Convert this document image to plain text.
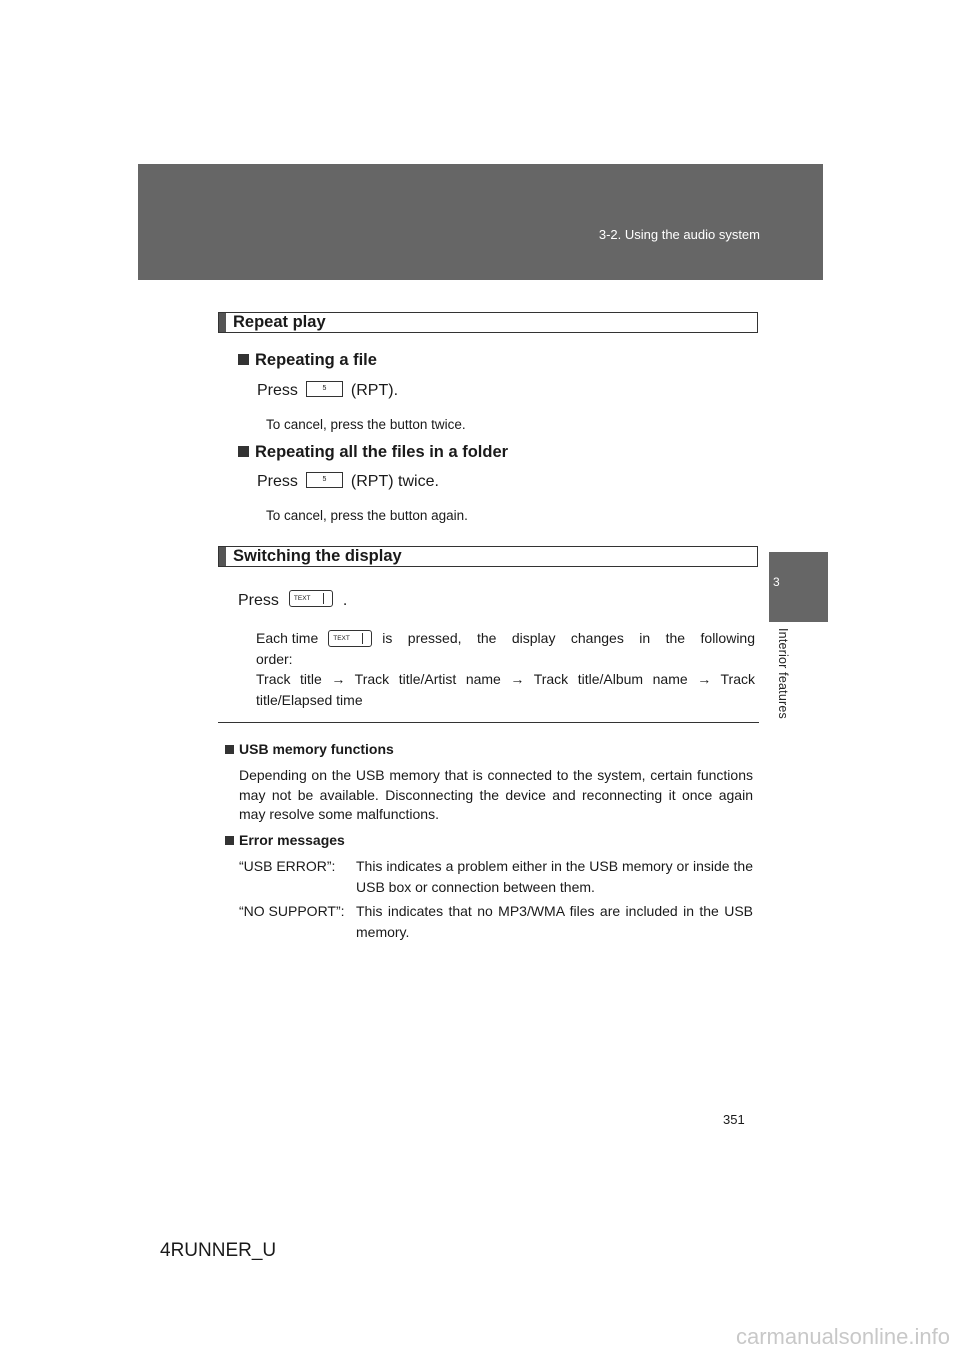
3-2. Using the audio system
3
Interior features
Repeat play
Repeating a file
Press	5	(RPT).
To cancel, press the button twice.
Repeating all the files in a folder
Press	5	(RPT) twice.
To cancel, press the button again.
Switching the display
Press TEXT .
Each time TEXT is pressed, the display changes in the following
order:
Track title → Track title/Artist name → Track title/Album name → Track
title/Elapsed time
USB memory functions
Depending on the USB memory that is connected to the system, certain functions may not be available. Disconnecting the device and reconnecting it once again may resolve some malfunctions.
Error messages
“USB ERROR”: This indicates a problem either in the USB memory or inside the USB box or connection between them.
“NO SUPPORT”: This indicates that no MP3/WMA files are included in the USB memory.
351
4RUNNER_U
carmanualsonline.info
